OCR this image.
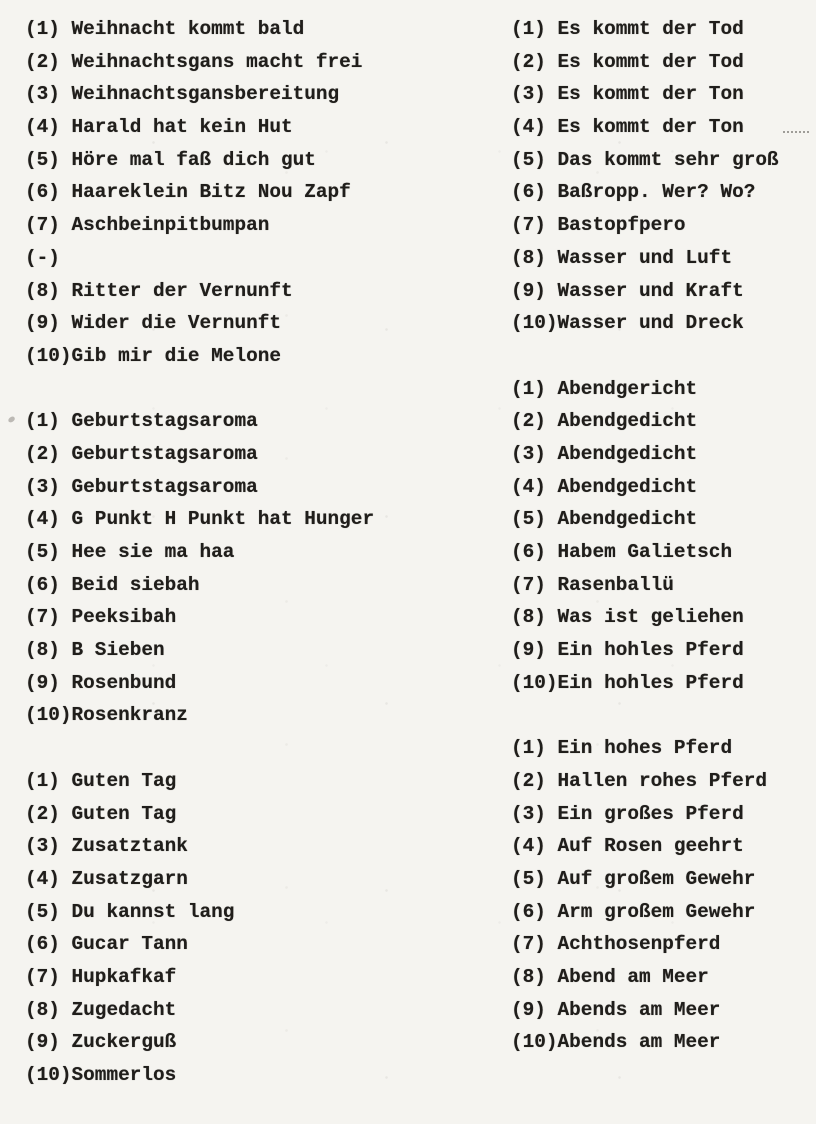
(1) Weihnacht kommt bald
(2) Weihnachtsgans macht frei
(3) Weihnachtsgansbereitung
(4) Harald hat kein Hut
(5) Höre mal faß dich gut
(6) Haareklein Bitz Nou Zapf
(7) Aschbeinpitbumpan
(-)
(8) Ritter der Vernunft
(9) Wider die Vernunft
(10)Gib mir die Melone
(1) Geburtstagsaroma
(2) Geburtstagsaroma
(3) Geburtstagsaroma
(4) G Punkt H Punkt hat Hunger
(5) Hee sie ma haa
(6) Beid siebah
(7) Peeksibah
(8) B Sieben
(9) Rosenbund
(10)Rosenkranz
(1) Guten Tag
(2) Guten Tag
(3) Zusatztank
(4) Zusatzgarn
(5) Du kannst lang
(6) Gucar Tann
(7) Hupkafkaf
(8) Zugedacht
(9) Zuckerguß
(10)Sommerlos
(1) Es kommt der Tod
(2) Es kommt der Tod
(3) Es kommt der Ton
(4) Es kommt der Ton
(5) Das kommt sehr groß
(6) Baßropp. Wer? Wo?
(7) Bastopfpero
(8) Wasser und Luft
(9) Wasser und Kraft
(10)Wasser und Dreck
(1) Abendgericht
(2) Abendgedicht
(3) Abendgedicht
(4) Abendgedicht
(5) Abendgedicht
(6) Habem Galietsch
(7) Rasenballü
(8) Was ist geliehen
(9) Ein hohles Pferd
(10)Ein hohles Pferd
(1) Ein hohes Pferd
(2) Hallen rohes Pferd
(3) Ein großes Pferd
(4) Auf Rosen geehrt
(5) Auf großem Gewehr
(6) Arm großem Gewehr
(7) Achthosenpferd
(8) Abend am Meer
(9) Abends am Meer
(10)Abends am Meer
